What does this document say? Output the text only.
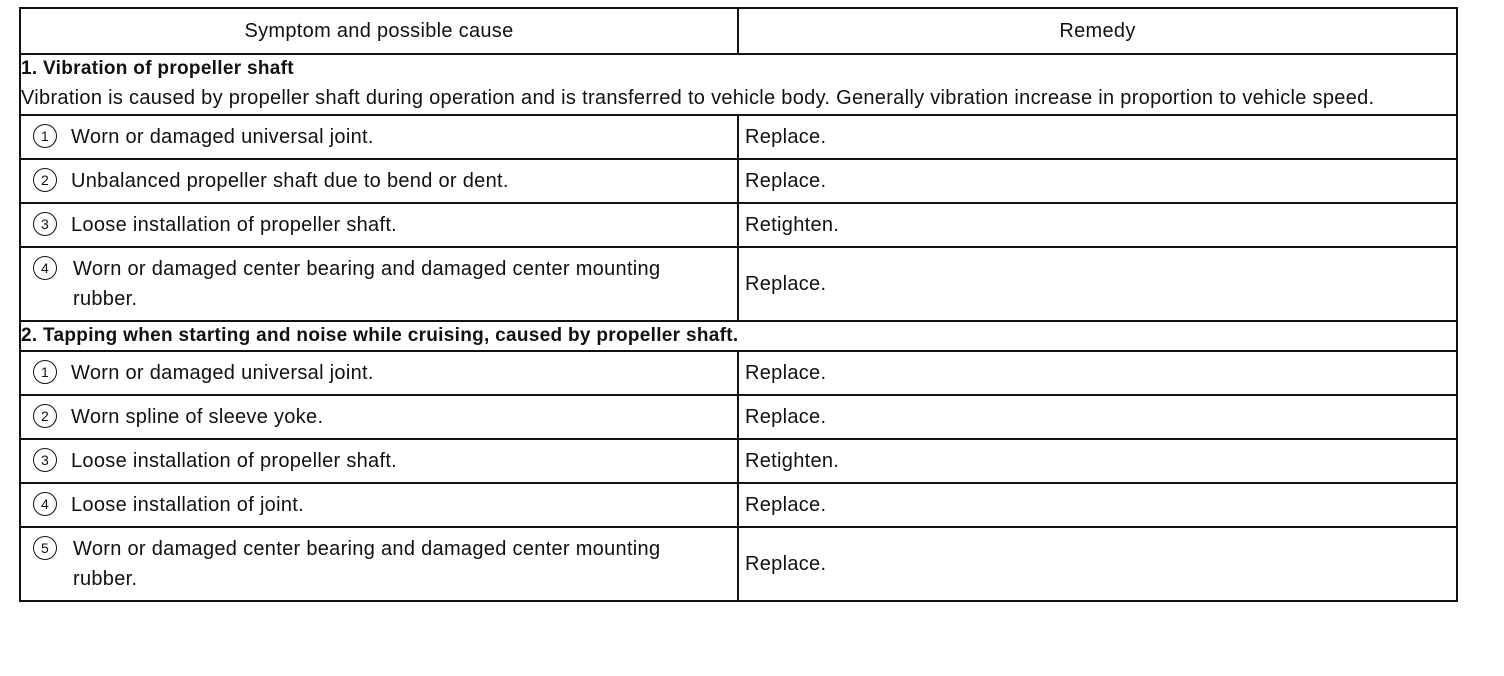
Symptom and possible cause	Remedy

1. Vibration of propeller shaft
Vibration is caused by propeller shaft during operation and is transferred to vehicle body. Generally vibration increase in proportion to vehicle speed.	

1 Worn or damaged universal joint.	Replace.

2 Unbalanced propeller shaft due to bend or dent.	Replace.

3 Loose installation of propeller shaft.	Retighten.

4 Worn or damaged center bearing and damaged center mounting rubber.	Replace.

2. Tapping when starting and noise while cruising, caused by propeller shaft.	

1 Worn or damaged universal joint.	Replace.

2 Worn spline of sleeve yoke.	Replace.

3 Loose installation of propeller shaft.	Retighten.

4 Loose installation of joint.	Replace.

5 Worn or damaged center bearing and damaged center mounting rubber.	Replace.
